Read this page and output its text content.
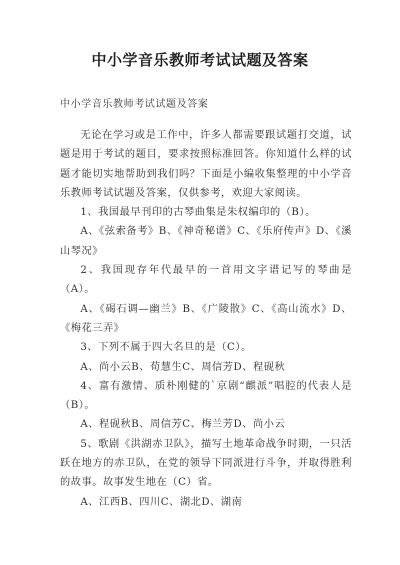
中小学音乐教师考试试题及答案
中小学音乐教师考试试题及答案

无论在学习或是工作中，许多人都需要跟试题打交道，试题是用于考试的题目，要求按照标准回答。你知道什么样的试题才能切实地帮助到我们吗？下面是小编收集整理的中小学音乐教师考试试题及答案，仅供参考，欢迎大家阅读。

1、我国最早刊印的古琴曲集是朱权编印的（B）。

A、《弦索备考》B、《神奇秘谱》C、《乐府传声》D、《溪山琴况》

2、我国现存年代最早的一首用文字谱记写的琴曲是（A）。

A、《碣石调—幽兰》B、《广陵散》C、《高山流水》D、《梅花三弄》

3、下列不属于四大名旦的是（C）。

A、尚小云B、荀慧生C、周信芳D、程砚秋

4、富有激情、质朴刚健的`京剧“麒派”唱腔的代表人是（B）。

A、程砚秋B、周信芳C、梅兰芳D、尚小云

5、歌剧《洪湖赤卫队》，描写土地革命战争时期，一只活跃在地方的赤卫队，在党的领导下同派进行斗争，并取得胜利的故事。故事发生地在（C）省。

A、江西B、四川C、湖北D、湖南
